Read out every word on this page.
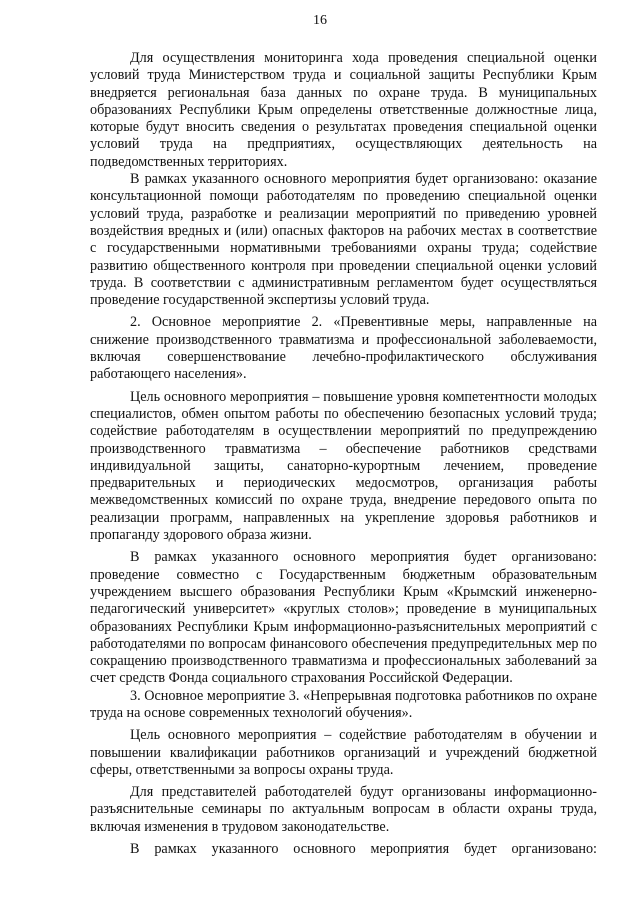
16

Для осуществления мониторинга хода проведения специальной оценки условий труда Министерством труда и социальной защиты Республики Крым внедряется региональная база данных по охране труда. В муниципальных образованиях Республики Крым определены ответственные должностные лица, которые будут вносить сведения о результатах проведения специальной оценки условий труда на предприятиях, осуществляющих деятельность на подведомственных территориях.

В рамках указанного основного мероприятия будет организовано: оказание консультационной помощи работодателям по проведению специальной оценки условий труда, разработке и реализации мероприятий по приведению уровней воздействия вредных и (или) опасных факторов на рабочих местах в соответствие с государственными нормативными требованиями охраны труда; содействие развитию общественного контроля при проведении специальной оценки условий труда. В соответствии с административным регламентом будет осуществляться проведение государственной экспертизы условий труда.

2. Основное мероприятие 2. «Превентивные меры, направленные на снижение производственного травматизма и профессиональной заболеваемости, включая совершенствование лечебно-профилактического обслуживания работающего населения».

Цель основного мероприятия – повышение уровня компетентности молодых специалистов, обмен опытом работы по обеспечению безопасных условий труда; содействие работодателям в осуществлении мероприятий по предупреждению производственного травматизма – обеспечение работников средствами индивидуальной защиты, санаторно-курортным лечением, проведение предварительных и периодических медосмотров, организация работы межведомственных комиссий по охране труда, внедрение передового опыта по реализации программ, направленных на укрепление здоровья работников и пропаганду здорового образа жизни.

В рамках указанного основного мероприятия будет организовано: проведение совместно с Государственным бюджетным образовательным учреждением высшего образования Республики Крым «Крымский инженерно-педагогический университет» «круглых столов»; проведение в муниципальных образованиях Республики Крым информационно-разъяснительных мероприятий с работодателями по вопросам финансового обеспечения предупредительных мер по сокращению производственного травматизма и профессиональных заболеваний за счет средств Фонда социального страхования Российской Федерации.

3. Основное мероприятие 3. «Непрерывная подготовка работников по охране труда на основе современных технологий обучения».

Цель основного мероприятия – содействие работодателям в обучении и повышении квалификации работников организаций и учреждений бюджетной сферы, ответственными за вопросы охраны труда.

Для представителей работодателей будут организованы информационно-разъяснительные семинары по актуальным вопросам в области охраны труда, включая изменения в трудовом законодательстве.

В рамках указанного основного мероприятия будет организовано:
